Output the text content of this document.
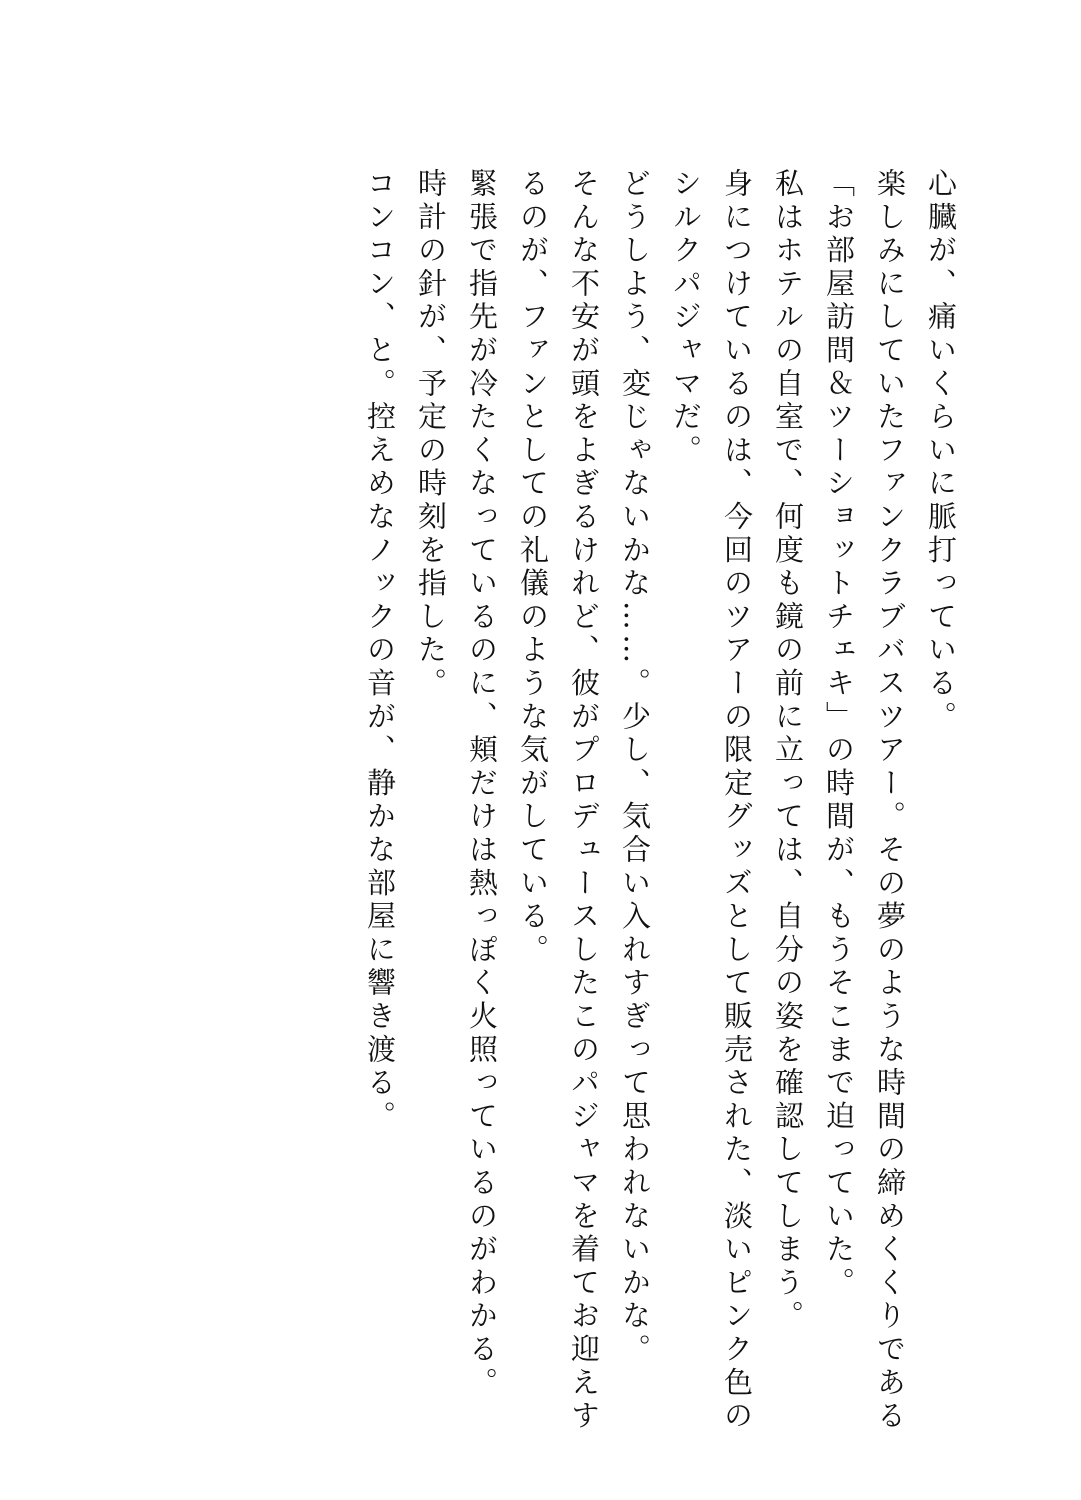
心臓が、痛いくらいに脈打っている。

楽しみにしていたファンクラブバスツアー。その夢のような時間の締めくくりである

「お部屋訪問＆ツーショットチェキ」の時間が、もうそこまで迫っていた。

私はホテルの自室で、何度も鏡の前に立っては、自分の姿を確認してしまう。

身につけているのは、今回のツアーの限定グッズとして販売された、淡いピンク色の

シルクパジャマだ。

どうしよう、変じゃないかな……。少し、気合い入れすぎって思われないかな。

そんな不安が頭をよぎるけれど、彼がプロデュースしたこのパジャマを着てお迎えす

るのが、ファンとしての礼儀のような気がしている。

緊張で指先が冷たくなっているのに、頬だけは熱っぽく火照っているのがわかる。

時計の針が、予定の時刻を指した。

コンコン、と。控えめなノックの音が、静かな部屋に響き渡る。
